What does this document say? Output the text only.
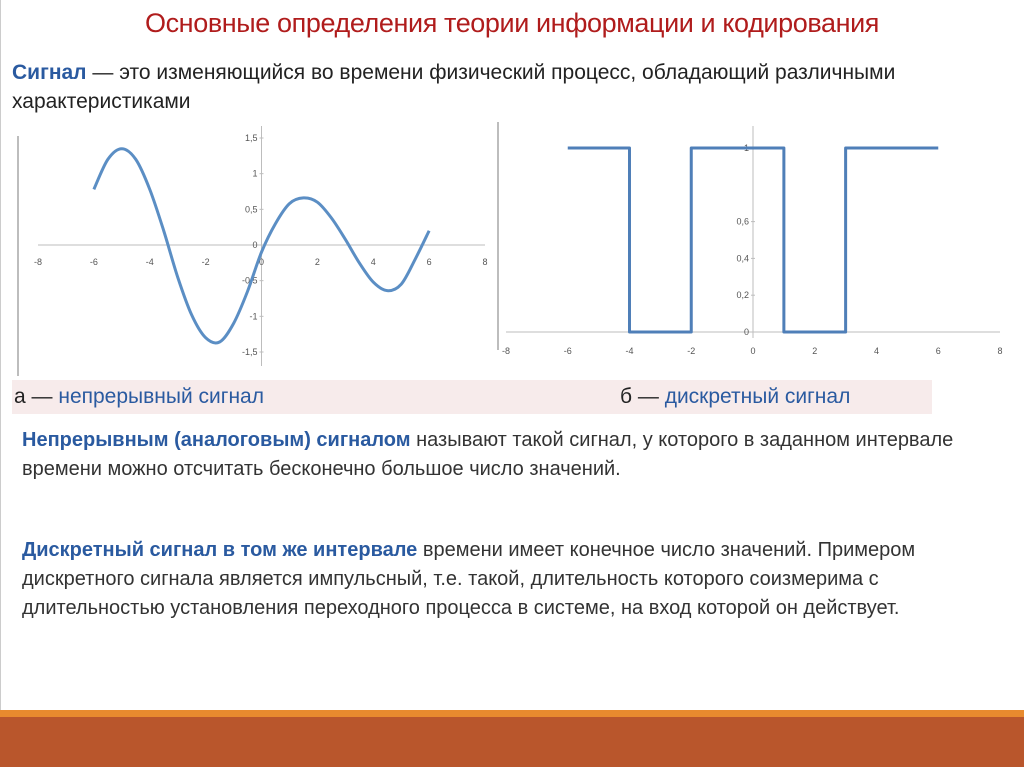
Основные определения теории информации и кодирования
Сигнал — это изменяющийся во времени физический процесс, обладающий различными характеристиками
-8	-6	-4	-2	0	2	4	6	8
1,5
1
0,5
0
-0,5
-1
-1,5	-8	-6	-4	-2	0	2	4	6	8
1
0,6
0,4
0,2
0
а — непрерывный сигнал	б — дискретный сигнал
Непрерывным (аналоговым) сигналом называют такой сигнал, у которого в заданном интервале времени можно отсчитать бесконечно большое число значений.
Дискретный сигнал в том же интервале времени имеет конечное число значений. Примером дискретного сигнала является импульсный, т.е. такой, длительность которого соизмерима с длительностью установления переходного процесса в системе, на вход которой он действует.
